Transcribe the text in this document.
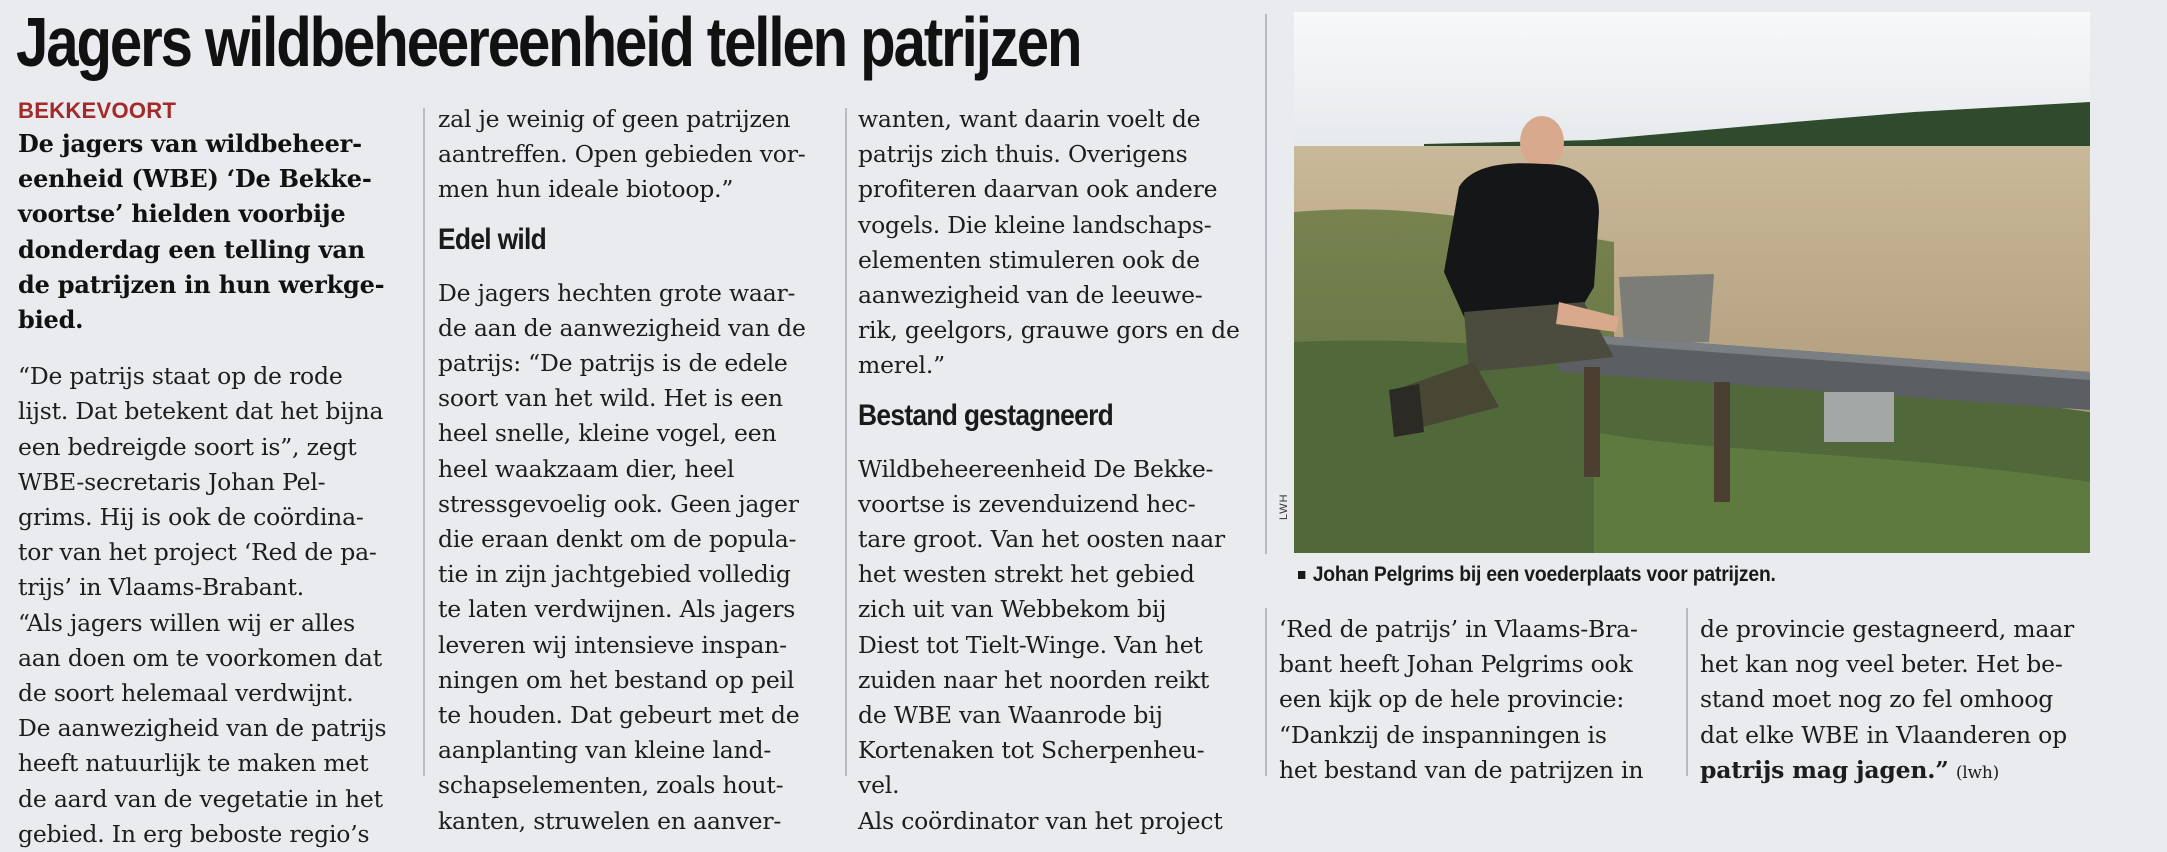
Jagers wildbeheereenheid tellen patrijzen

BEKKEVOORT

De jagers van wildbeheer-
eenheid (WBE) ‘De Bekke-
voortse’ hielden voorbije
donderdag een telling van
de patrijzen in hun werkge-
bied.

“De patrijs staat op de rode
lijst. Dat betekent dat het bijna
een bedreigde soort is”, zegt
WBE-secretaris Johan Pel-
grims. Hij is ook de coördina-
tor van het project ‘Red de pa-
trijs’ in Vlaams-Brabant.
“Als jagers willen wij er alles
aan doen om te voorkomen dat
de soort helemaal verdwijnt.
De aanwezigheid van de patrijs
heeft natuurlijk te maken met
de aard van de vegetatie in het
gebied. In erg beboste regio’s

zal je weinig of geen patrijzen
aantreffen. Open gebieden vor-
men hun ideale biotoop.”

Edel wild

De jagers hechten grote waar-
de aan de aanwezigheid van de
patrijs: “De patrijs is de edele
soort van het wild. Het is een
heel snelle, kleine vogel, een
heel waakzaam dier, heel
stressgevoelig ook. Geen jager
die eraan denkt om de popula-
tie in zijn jachtgebied volledig
te laten verdwijnen. Als jagers
leveren wij intensieve inspan-
ningen om het bestand op peil
te houden. Dat gebeurt met de
aanplanting van kleine land-
schapselementen, zoals hout-
kanten, struwelen en aanver-

wanten, want daarin voelt de
patrijs zich thuis. Overigens
profiteren daarvan ook andere
vogels. Die kleine landschaps-
elementen stimuleren ook de
aanwezigheid van de leeuwe-
rik, geelgors, grauwe gors en de
merel.”

Bestand gestagneerd

Wildbeheereenheid De Bekke-
voortse is zevenduizend hec-
tare groot. Van het oosten naar
het westen strekt het gebied
zich uit van Webbekom bij
Diest tot Tielt-Winge. Van het
zuiden naar het noorden reikt
de WBE van Waanrode bij
Kortenaken tot Scherpenheu-
vel.
Als coördinator van het project

LWH
Johan Pelgrims bij een voederplaats voor patrijzen.

‘Red de patrijs’ in Vlaams-Bra-
bant heeft Johan Pelgrims ook
een kijk op de hele provincie:
“Dankzij de inspanningen is
het bestand van de patrijzen in

de provincie gestagneerd, maar
het kan nog veel beter. Het be-
stand moet nog zo fel omhoog
dat elke WBE in Vlaanderen op

patrijs mag jagen.” (lwh)
